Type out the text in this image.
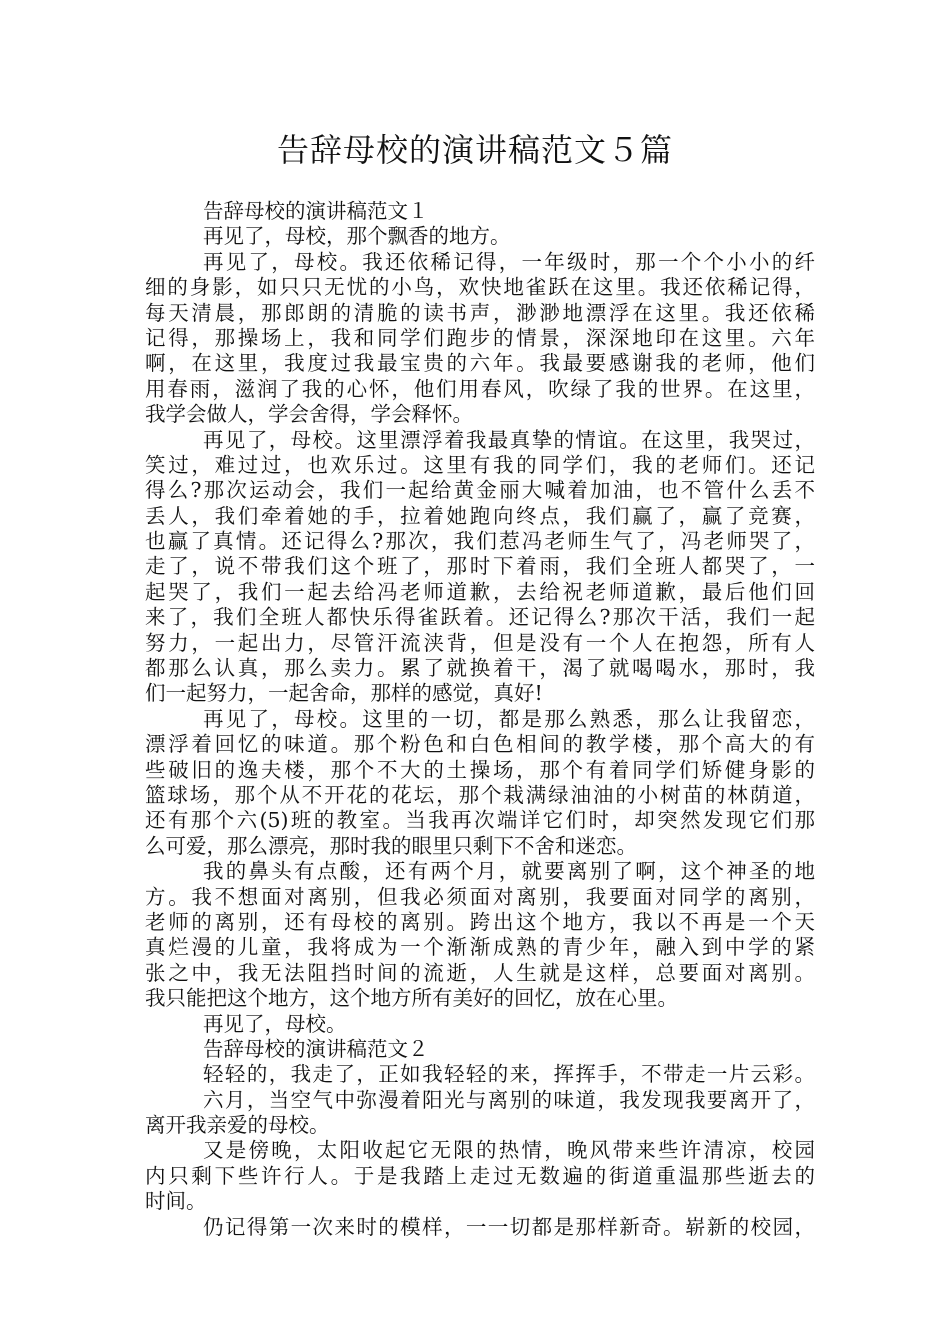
告辞母校的演讲稿范文５篇
告辞母校的演讲稿范文１
再见了，母校，那个飘香的地方。
再见了，母校。我还依稀记得，一年级时，那一个个小小的纤
细的身影，如只只无忧的小鸟，欢快地雀跃在这里。我还依稀记得，
每天清晨，那郎朗的清脆的读书声，渺渺地漂浮在这里。我还依稀
记得，那操场上，我和同学们跑步的情景，深深地印在这里。六年
啊，在这里，我度过我最宝贵的六年。我最要感谢我的老师，他们
用春雨，滋润了我的心怀，他们用春风，吹绿了我的世界。在这里，
我学会做人，学会舍得，学会释怀。
再见了，母校。这里漂浮着我最真挚的情谊。在这里，我哭过，
笑过，难过过，也欢乐过。这里有我的同学们，我的老师们。还记
得么?那次运动会，我们一起给黄金丽大喊着加油，也不管什么丢不
丢人，我们牵着她的手，拉着她跑向终点，我们赢了，赢了竞赛，
也赢了真情。还记得么?那次，我们惹冯老师生气了，冯老师哭了，
走了，说不带我们这个班了，那时下着雨，我们全班人都哭了，一
起哭了，我们一起去给冯老师道歉，去给祝老师道歉，最后他们回
来了，我们全班人都快乐得雀跃着。还记得么?那次干活，我们一起
努力，一起出力，尽管汗流浃背，但是没有一个人在抱怨，所有人
都那么认真，那么卖力。累了就换着干，渴了就喝喝水，那时，我
们一起努力，一起舍命，那样的感觉，真好!
再见了，母校。这里的一切，都是那么熟悉，那么让我留恋，
漂浮着回忆的味道。那个粉色和白色相间的教学楼，那个高大的有
些破旧的逸夫楼，那个不大的土操场，那个有着同学们矫健身影的
篮球场，那个从不开花的花坛，那个栽满绿油油的小树苗的林荫道，
还有那个六(5)班的教室。当我再次端详它们时，却突然发现它们那
么可爱，那么漂亮，那时我的眼里只剩下不舍和迷恋。
我的鼻头有点酸，还有两个月，就要离别了啊，这个神圣的地
方。我不想面对离别，但我必须面对离别，我要面对同学的离别，
老师的离别，还有母校的离别。跨出这个地方，我以不再是一个天
真烂漫的儿童，我将成为一个渐渐成熟的青少年，融入到中学的紧
张之中，我无法阻挡时间的流逝，人生就是这样，总要面对离别。
我只能把这个地方，这个地方所有美好的回忆，放在心里。
再见了，母校。
告辞母校的演讲稿范文２
轻轻的，我走了，正如我轻轻的来，挥挥手，不带走一片云彩。
六月，当空气中弥漫着阳光与离别的味道，我发现我要离开了，
离开我亲爱的母校。
又是傍晚，太阳收起它无限的热情，晚风带来些许清凉，校园
内只剩下些许行人。于是我踏上走过无数遍的街道重温那些逝去的
时间。
仍记得第一次来时的模样，一一切都是那样新奇。崭新的校园，
